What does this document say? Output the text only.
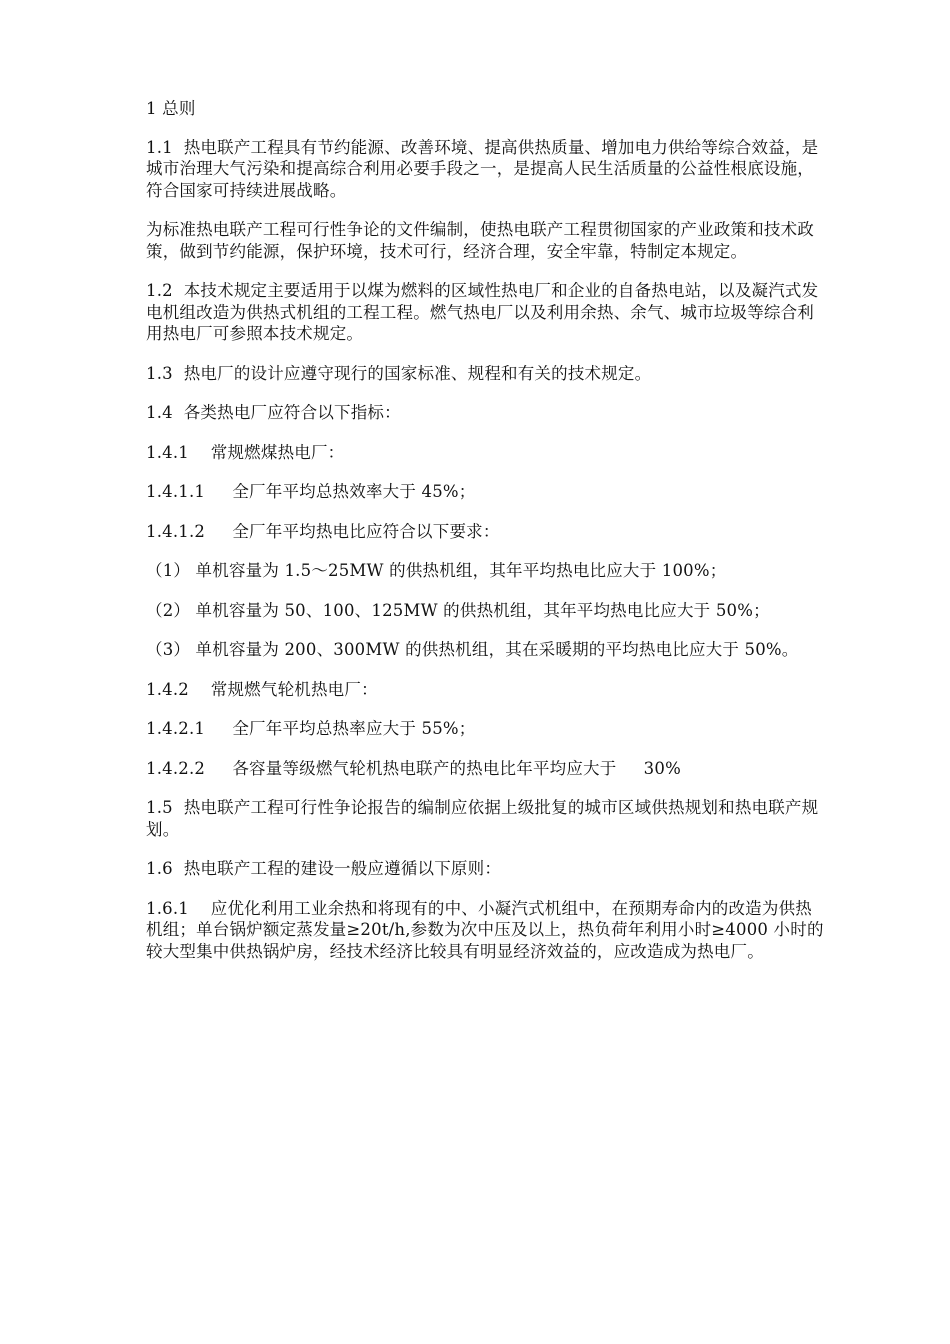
1 总则

1.1  热电联产工程具有节约能源、改善环境、提高供热质量、增加电力供给等综合效益，是城市治理大气污染和提高综合利用必要手段之一，是提高人民生活质量的公益性根底设施，符合国家可持续进展战略。

为标准热电联产工程可行性争论的文件编制，使热电联产工程贯彻国家的产业政策和技术政策，做到节约能源，保护环境，技术可行，经济合理，安全牢靠，特制定本规定。

1.2  本技术规定主要适用于以煤为燃料的区域性热电厂和企业的自备热电站，以及凝汽式发电机组改造为供热式机组的工程工程。燃气热电厂以及利用余热、余气、城市垃圾等综合利用热电厂可参照本技术规定。

1.3  热电厂的设计应遵守现行的国家标准、规程和有关的技术规定。

1.4  各类热电厂应符合以下指标：

1.4.1    常规燃煤热电厂：

1.4.1.1     全厂年平均总热效率大于 45%；

1.4.1.2     全厂年平均热电比应符合以下要求：

（1） 单机容量为 1.5～25MW 的供热机组，其年平均热电比应大于 100%；

（2） 单机容量为 50、100、125MW 的供热机组，其年平均热电比应大于 50%；

（3） 单机容量为 200、300MW 的供热机组，其在采暖期的平均热电比应大于 50%。

1.4.2    常规燃气轮机热电厂：

1.4.2.1     全厂年平均总热率应大于 55%；

1.4.2.2     各容量等级燃气轮机热电联产的热电比年平均应大于     30%

1.5  热电联产工程可行性争论报告的编制应依据上级批复的城市区域供热规划和热电联产规划。

1.6  热电联产工程的建设一般应遵循以下原则：

1.6.1    应优化利用工业余热和将现有的中、小凝汽式机组中，在预期寿命内的改造为供热机组；单台锅炉额定蒸发量≥20t/h,参数为次中压及以上，热负荷年利用小时≥4000 小时的较大型集中供热锅炉房，经技术经济比较具有明显经济效益的，应改造成为热电厂。
